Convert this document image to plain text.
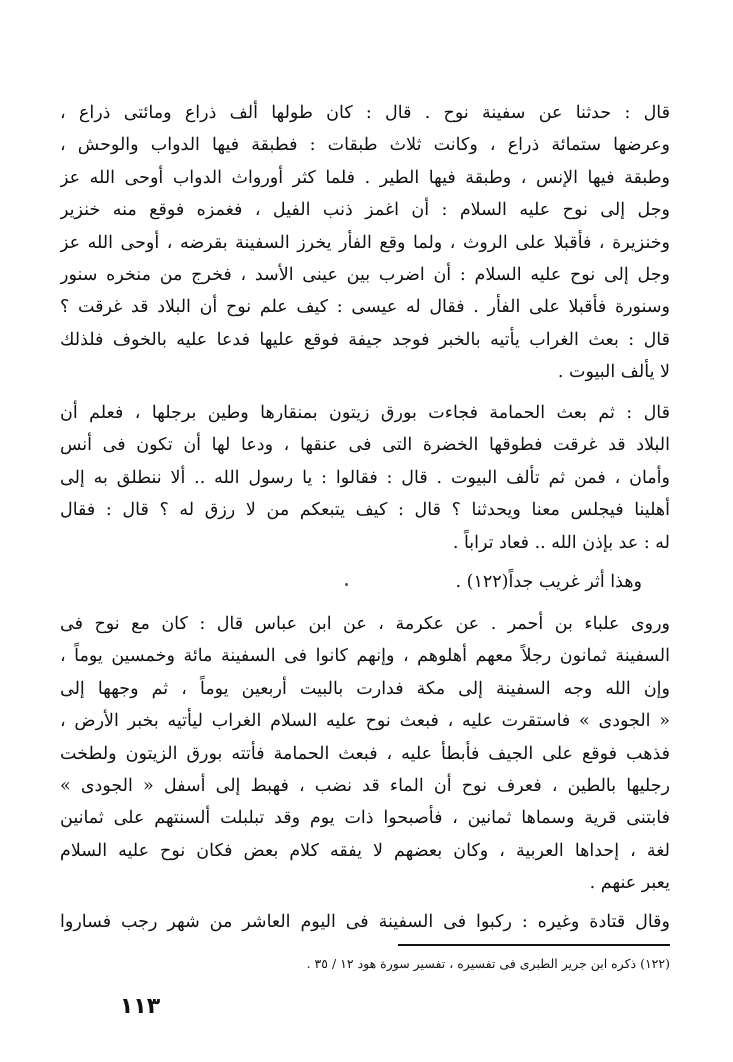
قال : حدثنا عن سفينة نوح . قال : كان طولها ألف ذراع ومائتى ذراع ،
وعرضها ستمائة ذراع ، وكانت ثلاث طبقات : فطبقة فيها الدواب والوحش ،
وطبقة فيها الإنس ، وطبقة فيها الطير . فلما كثر أورواث الدواب أوحى الله عز
وجل إلى نوح عليه السلام : أن اغمز ذنب الفيل ، فغمزه فوقع منه خنزير
وخنزيرة ، فأقبلا على الروث ، ولما وقع الفأر يخرز السفينة بقرضه ، أوحى الله عز
وجل إلى نوح عليه السلام : أن اضرب بين عينى الأسد ، فخرج من منخره سنور
وسنورة فأقبلا على الفأر . فقال له عيسى : كيف علم نوح أن البلاد قد غرقت ؟
قال : بعث الغراب يأتيه بالخبر فوجد جيفة فوقع عليها فدعا عليه بالخوف فلذلك
لا يألف البيوت .
قال : ثم بعث الحمامة فجاءت بورق زيتون بمنقارها وطين برجلها ، فعلم أن
البلاد قد غرقت فطوقها الخضرة التى فى عنقها ، ودعا لها أن تكون فى أنس
وأمان ، فمن ثم تألف البيوت . قال : فقالوا : يا رسول الله .. ألا ننطلق به إلى
أهلينا فيجلس معنا ويحدثنا ؟ قال : كيف يتبعكم من لا رزق له ؟ قال : فقال
له : عد بإذن الله .. فعاد تراباً .
وهذا أثر غريب جداً(١٢٢) .
وروى علباء بن أحمر . عن عكرمة ، عن ابن عباس قال : كان مع نوح فى
السفينة ثمانون رجلاً معهم أهلوهم ، وإنهم كانوا فى السفينة مائة وخمسين يوماً ،
وإن الله وجه السفينة إلى مكة فدارت بالبيت أربعين يوماً ، ثم وجهها إلى
« الجودى » فاستقرت عليه ، فبعث نوح عليه السلام الغراب ليأتيه بخبر الأرض ،
فذهب فوقع على الجيف فأبطأ عليه ، فبعث الحمامة فأتته بورق الزيتون ولطخت
رجليها بالطين ، فعرف نوح أن الماء قد نضب ، فهبط إلى أسفل « الجودى »
فابتنى قرية وسماها ثمانين ، فأصبحوا ذات يوم وقد تبلبلت ألسنتهم على ثمانين
لغة ، إحداها العربية ، وكان بعضهم لا يفقه كلام بعض فكان نوح عليه السلام
يعبر عنهم .
وقال قتادة وغيره : ركبوا فى السفينة فى اليوم العاشر من شهر رجب فساروا
(١٢٢) ذكره ابن جرير الطبرى فى تفسيره ، تفسير سورة هود ١٢ / ٣٥ .
١١٣
